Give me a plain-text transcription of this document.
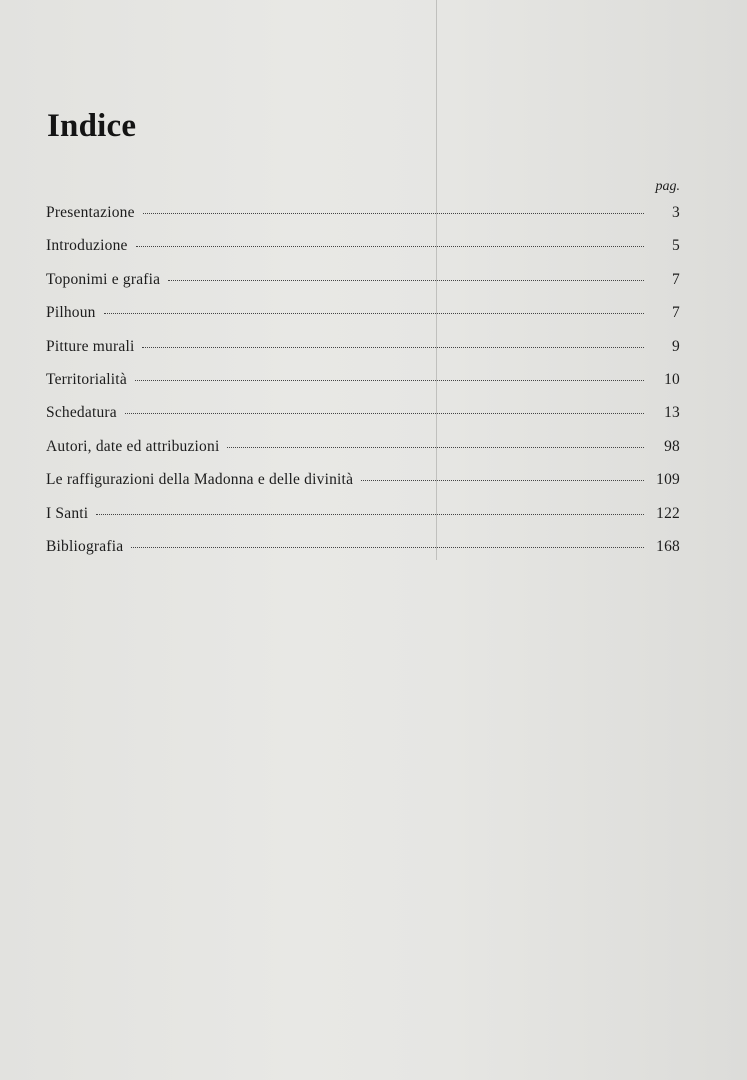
Indice
pag.
Presentazione	3
Introduzione	5
Toponimi e grafia	7
Pilhoun	7
Pitture murali	9
Territorialità	10
Schedatura	13
Autori, date ed attribuzioni	98
Le raffigurazioni della Madonna e delle divinità	109
I Santi	122
Bibliografia	168
